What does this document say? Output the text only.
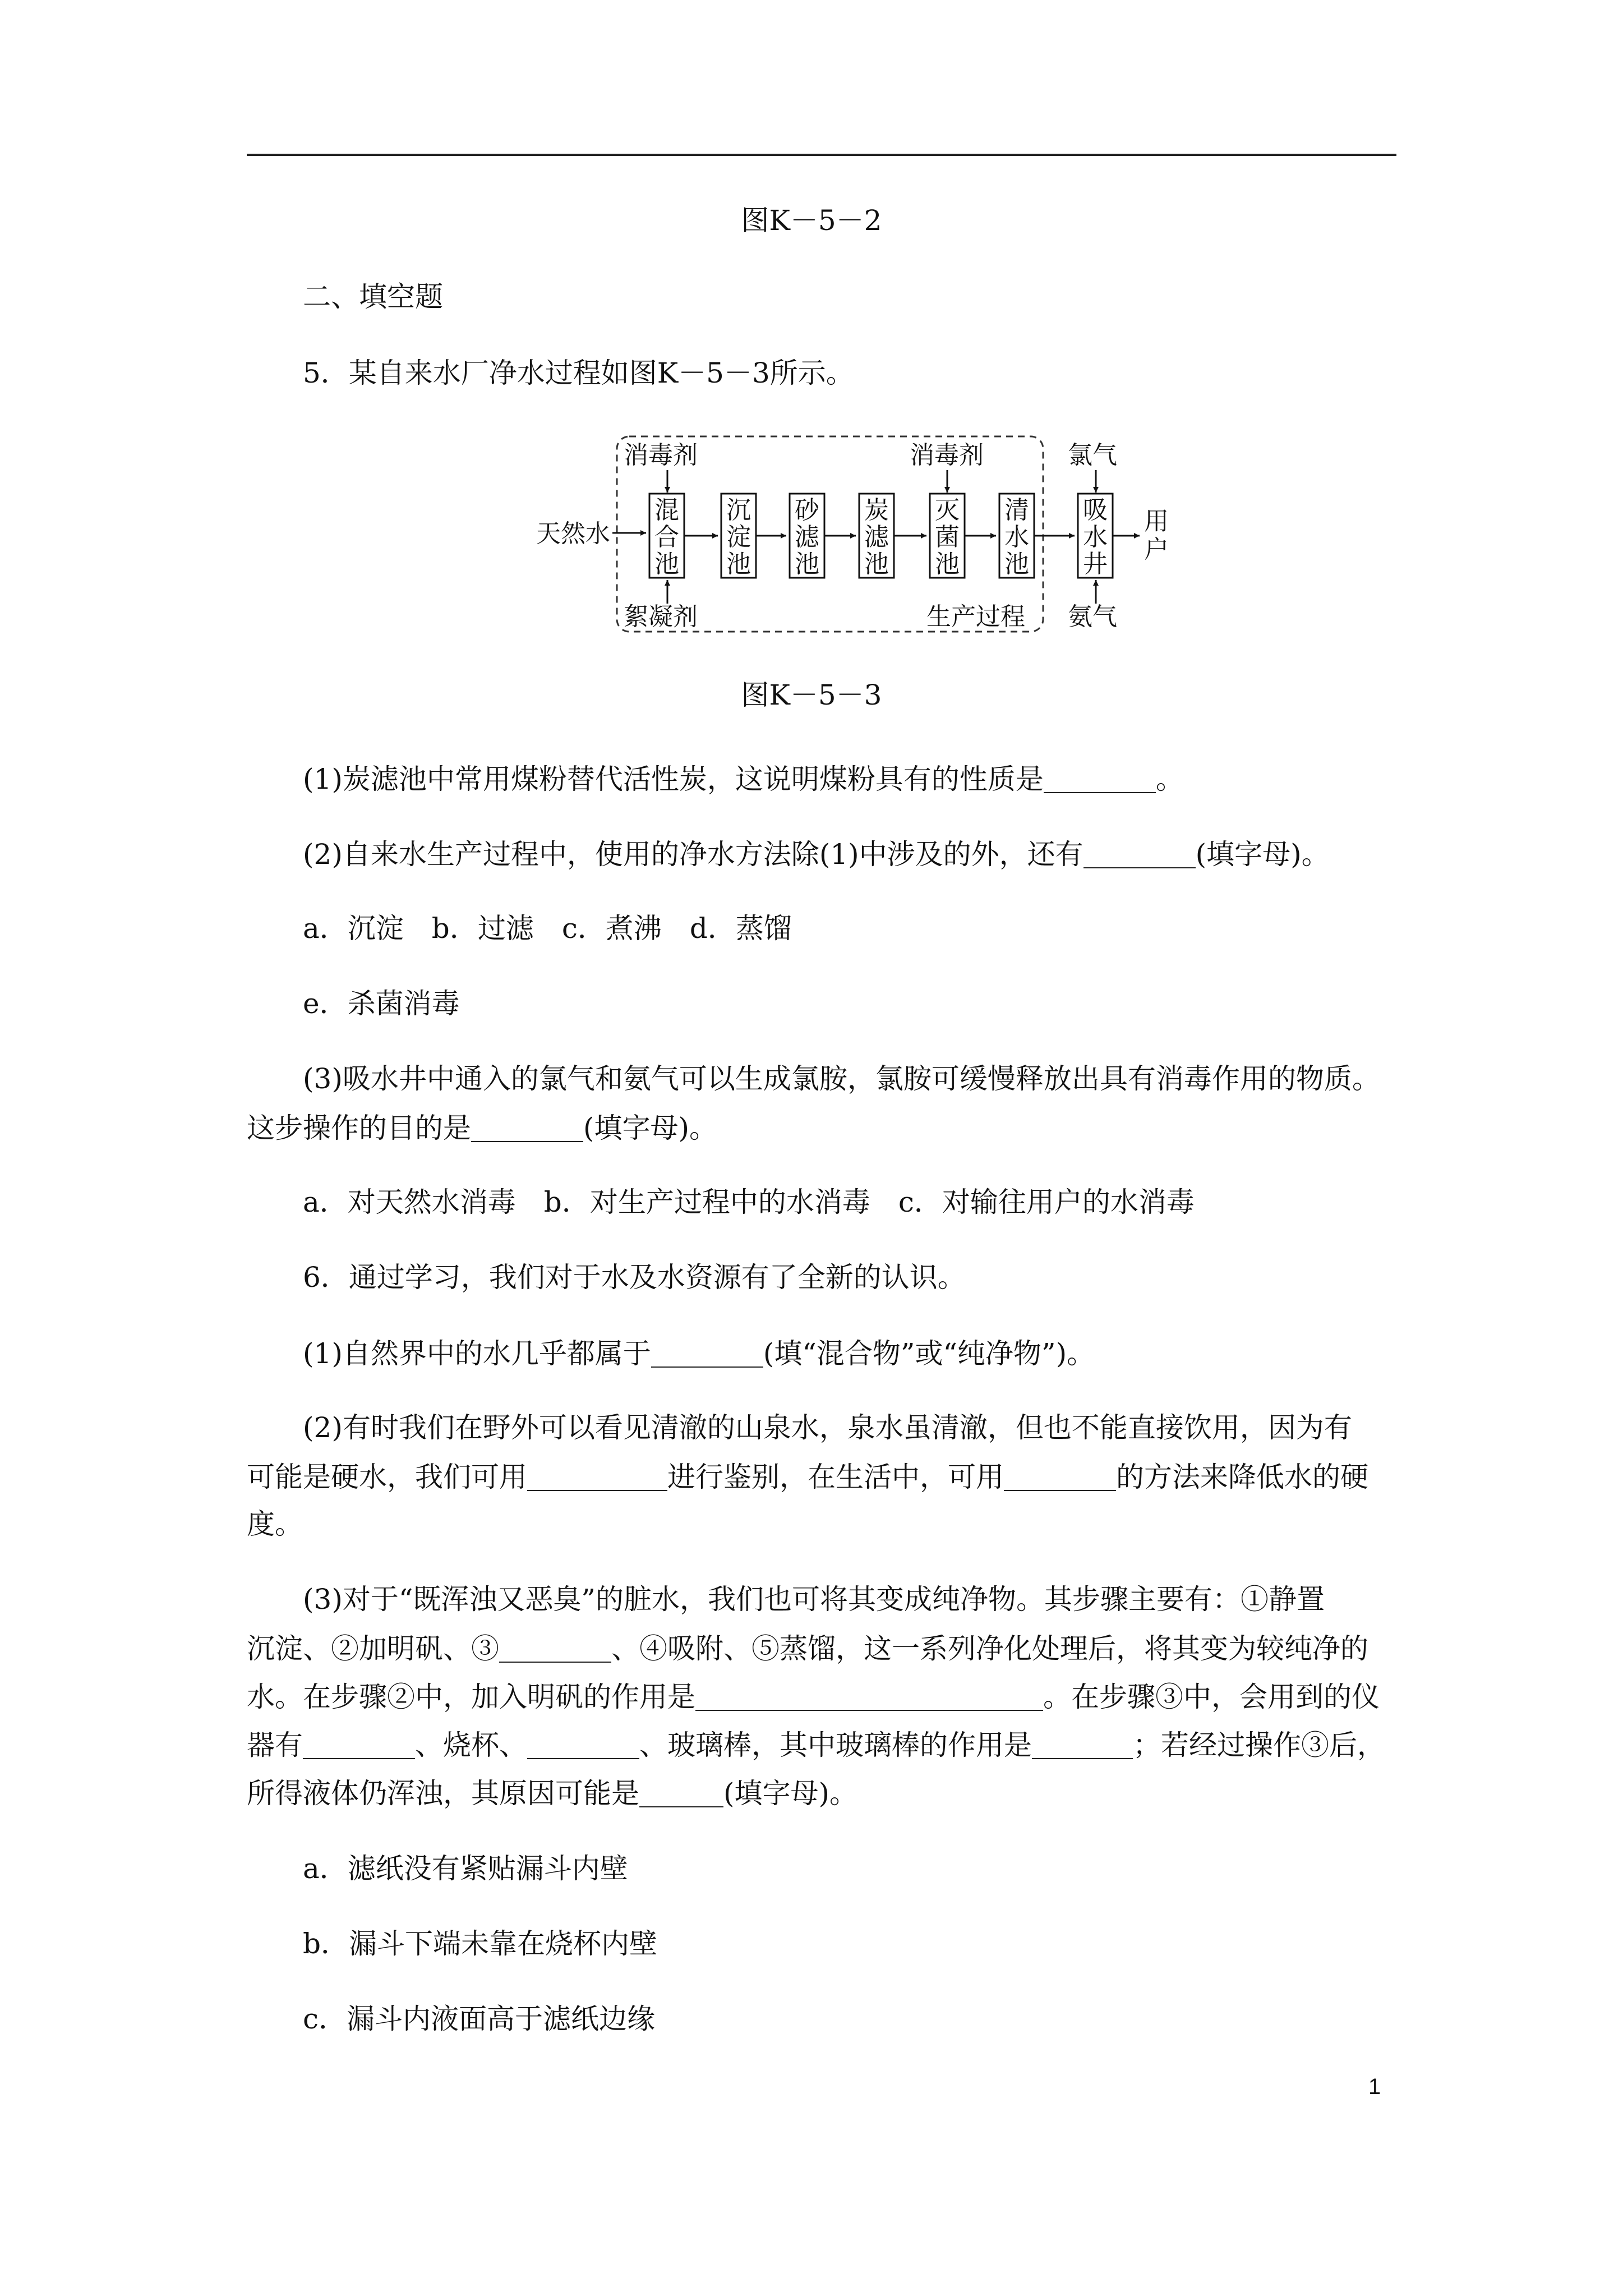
图K－5－2
二、填空题
5．某自来水厂净水过程如图K－5－3所示。
消毒剂	消毒剂	氯气
天然水
混
合
池
沉
淀
池
砂
滤
池
炭
滤
池
灭
菌
池
清
水
池
吸
水
井
用
户
絮凝剂	生产过程 氨气
图K－5－3
(1)炭滤池中常用煤粉替代活性炭，这说明煤粉具有的性质是	。
(2)自来水生产过程中，使用的净水方法除(1)中涉及的外，还有	(填字母)。
a．沉淀　b．过滤　c．煮沸　d．蒸馏
e．杀菌消毒
(3)吸水井中通入的氯气和氨气可以生成氯胺，氯胺可缓慢释放出具有消毒作用的物质。
这步操作的目的是	(填字母)。
a．对天然水消毒　b．对生产过程中的水消毒　c．对输往用户的水消毒
6．通过学习，我们对于水及水资源有了全新的认识。
(1)自然界中的水几乎都属于	(填“混合物”或“纯净物”)。
(2)有时我们在野外可以看见清澈的山泉水，泉水虽清澈，但也不能直接饮用，因为有
可能是硬水，我们可用	进行鉴别，在生活中，可用	的方法来降低水的硬
度。
(3)对于“既浑浊又恶臭”的脏水，我们也可将其变成纯净物。其步骤主要有：①静置
沉淀、②加明矾、③	、④吸附、⑤蒸馏，这一系列净化处理后，将其变为较纯净的
水。在步骤②中，加入明矾的作用是	。在步骤③中，会用到的仪
器有	、烧杯、	、玻璃棒，其中玻璃棒的作用是	；若经过操作③后，
所得液体仍浑浊，其原因可能是	(填字母)。
a．滤纸没有紧贴漏斗内壁
b．漏斗下端未靠在烧杯内壁
c．漏斗内液面高于滤纸边缘
1
